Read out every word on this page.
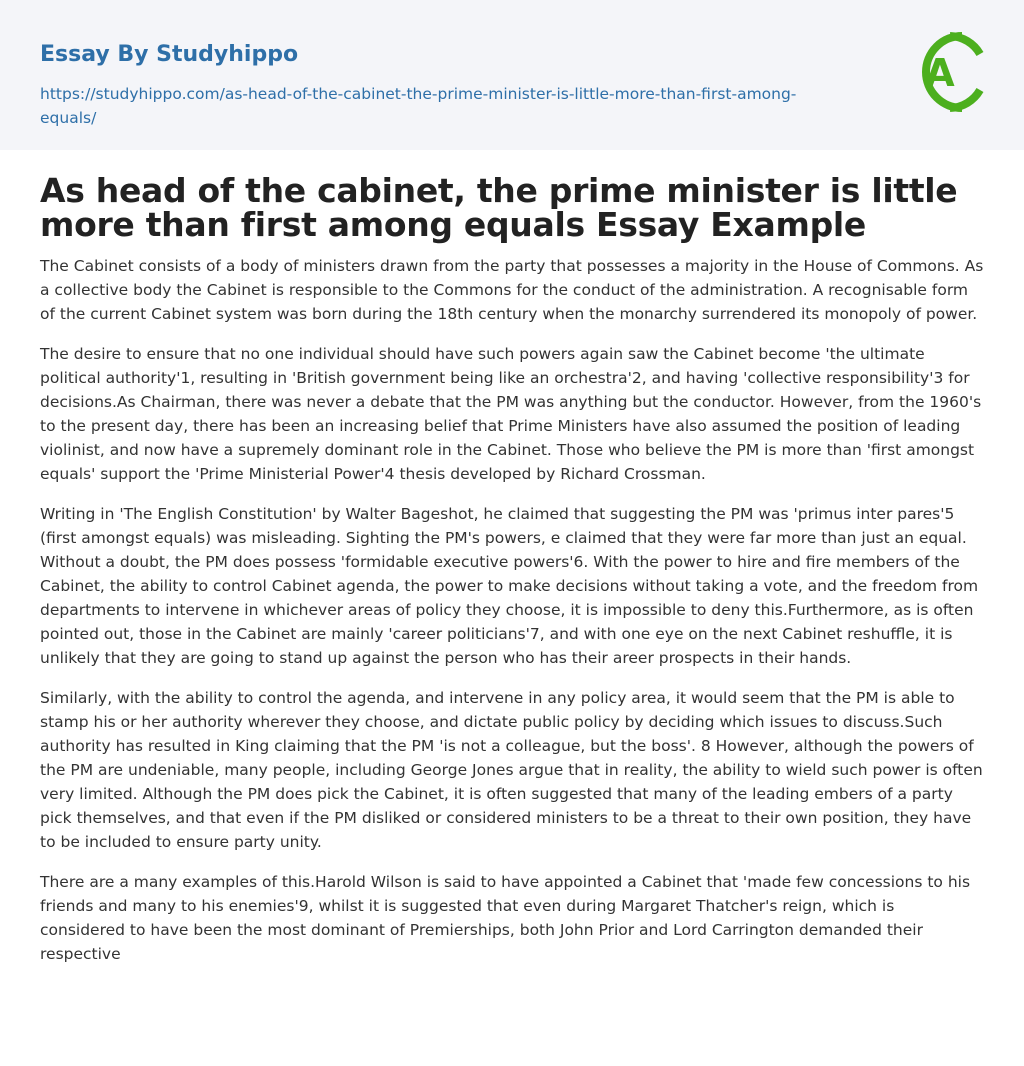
Essay By Studyhippo
https://studyhippo.com/as-head-of-the-cabinet-the-prime-minister-is-little-more-than-first-among-equals/
A
As head of the cabinet, the prime minister is little more than first among equals Essay Example

The Cabinet consists of a body of ministers drawn from the party that possesses a majority in the House of Commons. As a collective body the Cabinet is responsible to the Commons for the conduct of the administration. A recognisable form of the current Cabinet system was born during the 18th century when the monarchy surrendered its monopoly of power.

The desire to ensure that no one individual should have such powers again saw the Cabinet become 'the ultimate political authority'1, resulting in 'British government being like an orchestra'2, and having 'collective responsibility'3 for decisions.As Chairman, there was never a debate that the PM was anything but the conductor. However, from the 1960's to the present day, there has been an increasing belief that Prime Ministers have also assumed the position of leading violinist, and now have a supremely dominant role in the Cabinet. Those who believe the PM is more than 'first amongst equals' support the 'Prime Ministerial Power'4 thesis developed by Richard Crossman.

Writing in 'The English Constitution' by Walter Bageshot, he claimed that suggesting the PM was 'primus inter pares'5 (first amongst equals) was misleading. Sighting the PM's powers, e claimed that they were far more than just an equal. Without a doubt, the PM does possess 'formidable executive powers'6. With the power to hire and fire members of the Cabinet, the ability to control Cabinet agenda, the power to make decisions without taking a vote, and the freedom from departments to intervene in whichever areas of policy they choose, it is impossible to deny this.Furthermore, as is often pointed out, those in the Cabinet are mainly 'career politicians'7, and with one eye on the next Cabinet reshuffle, it is unlikely that they are going to stand up against the person who has their areer prospects in their hands.

Similarly, with the ability to control the agenda, and intervene in any policy area, it would seem that the PM is able to stamp his or her authority wherever they choose, and dictate public policy by deciding which issues to discuss.Such authority has resulted in King claiming that the PM 'is not a colleague, but the boss'. 8 However, although the powers of the PM are undeniable, many people, including George Jones argue that in reality, the ability to wield such power is often very limited. Although the PM does pick the Cabinet, it is often suggested that many of the leading embers of a party pick themselves, and that even if the PM disliked or considered ministers to be a threat to their own position, they have to be included to ensure party unity.

There are a many examples of this.Harold Wilson is said to have appointed a Cabinet that 'made few concessions to his friends and many to his enemies'9, whilst it is suggested that even during Margaret Thatcher's reign, which is considered to have been the most dominant of Premierships, both John Prior and Lord Carrington demanded their respective
